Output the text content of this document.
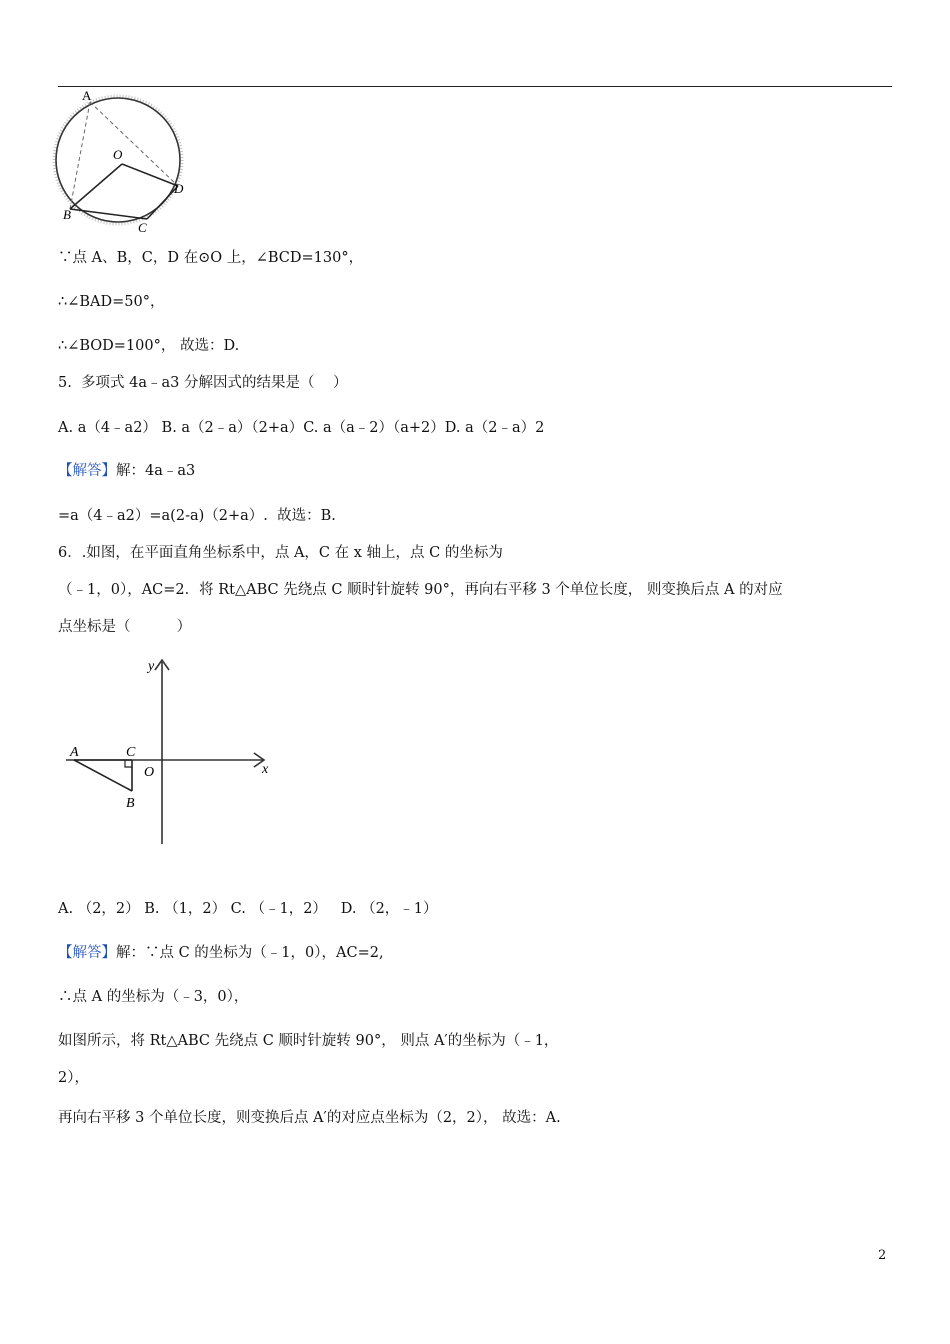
A
O
D
B
C
∵点 A、B，C，D 在⊙O 上，∠BCD=130°，
∴∠BAD=50°，
∴∠BOD=100°， 故选：D.
5.  多项式 4a﹣a3 分解因式的结果是（    ）
A. a（4﹣a2） B. a（2﹣a）（2+a）C. a（a﹣2）（a+2）D. a（2﹣a）2
【解答】解：4a﹣a3
=a（4﹣a2）=a(2-a)（2+a）.  故选：B.
6．.如图，在平面直角坐标系中，点 A，C 在 x 轴上，点 C 的坐标为
（﹣1，0），AC=2．将 Rt△ABC 先绕点 C 顺时针旋转 90°，再向右平移 3 个单位长度， 则变换后点 A 的对应
点坐标是（          ）
y
x
A	C
O
B
A. （2，2） B. （1，2） C. （﹣1，2）   D. （2，﹣1）
【解答】解：∵点 C 的坐标为（﹣1，0），AC=2,
∴点 A 的坐标为（﹣3，0），
如图所示，将 Rt△ABC 先绕点 C 顺时针旋转 90°， 则点 A′的坐标为（﹣1，
2），
再向右平移 3 个单位长度，则变换后点 A′的对应点坐标为（2，2）， 故选：A.
2
